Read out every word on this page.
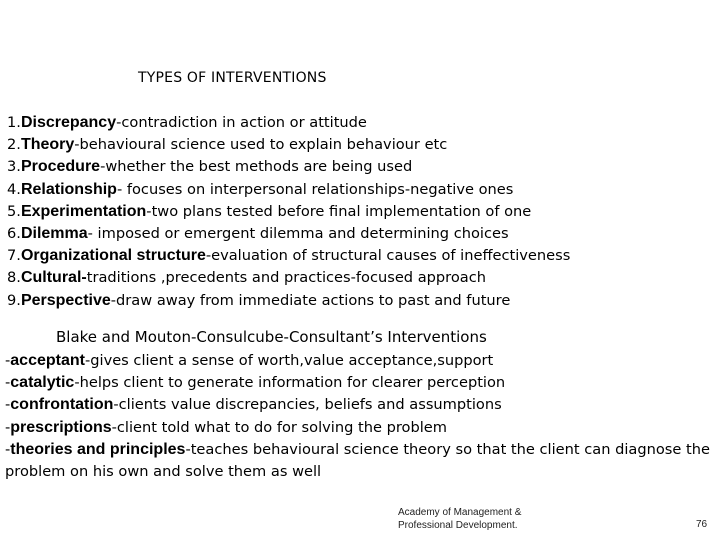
TYPES OF INTERVENTIONS
1.Discrepancy-contradiction in action or attitude
2.Theory-behavioural science used to explain behaviour etc
3.Procedure-whether the best methods are being used
4.Relationship- focuses on interpersonal relationships-negative ones
5.Experimentation-two plans tested before final implementation of one
6.Dilemma- imposed or emergent dilemma and determining choices
7.Organizational structure-evaluation of structural causes of ineffectiveness
8.Cultural-traditions ,precedents and practices-focused approach
9.Perspective-draw away from immediate actions to past and future
Blake and Mouton-Consulcube-Consultant’s Interventions
-acceptant-gives client a sense of worth,value acceptance,support
-catalytic-helps client to generate information for clearer perception
-confrontation-clients value discrepancies, beliefs and assumptions
-prescriptions-client told what to do for solving the problem
-theories and principles-teaches behavioural science theory so that the client can diagnose the problem on his own and solve them as well
Academy of Management &
Professional Development.	76
